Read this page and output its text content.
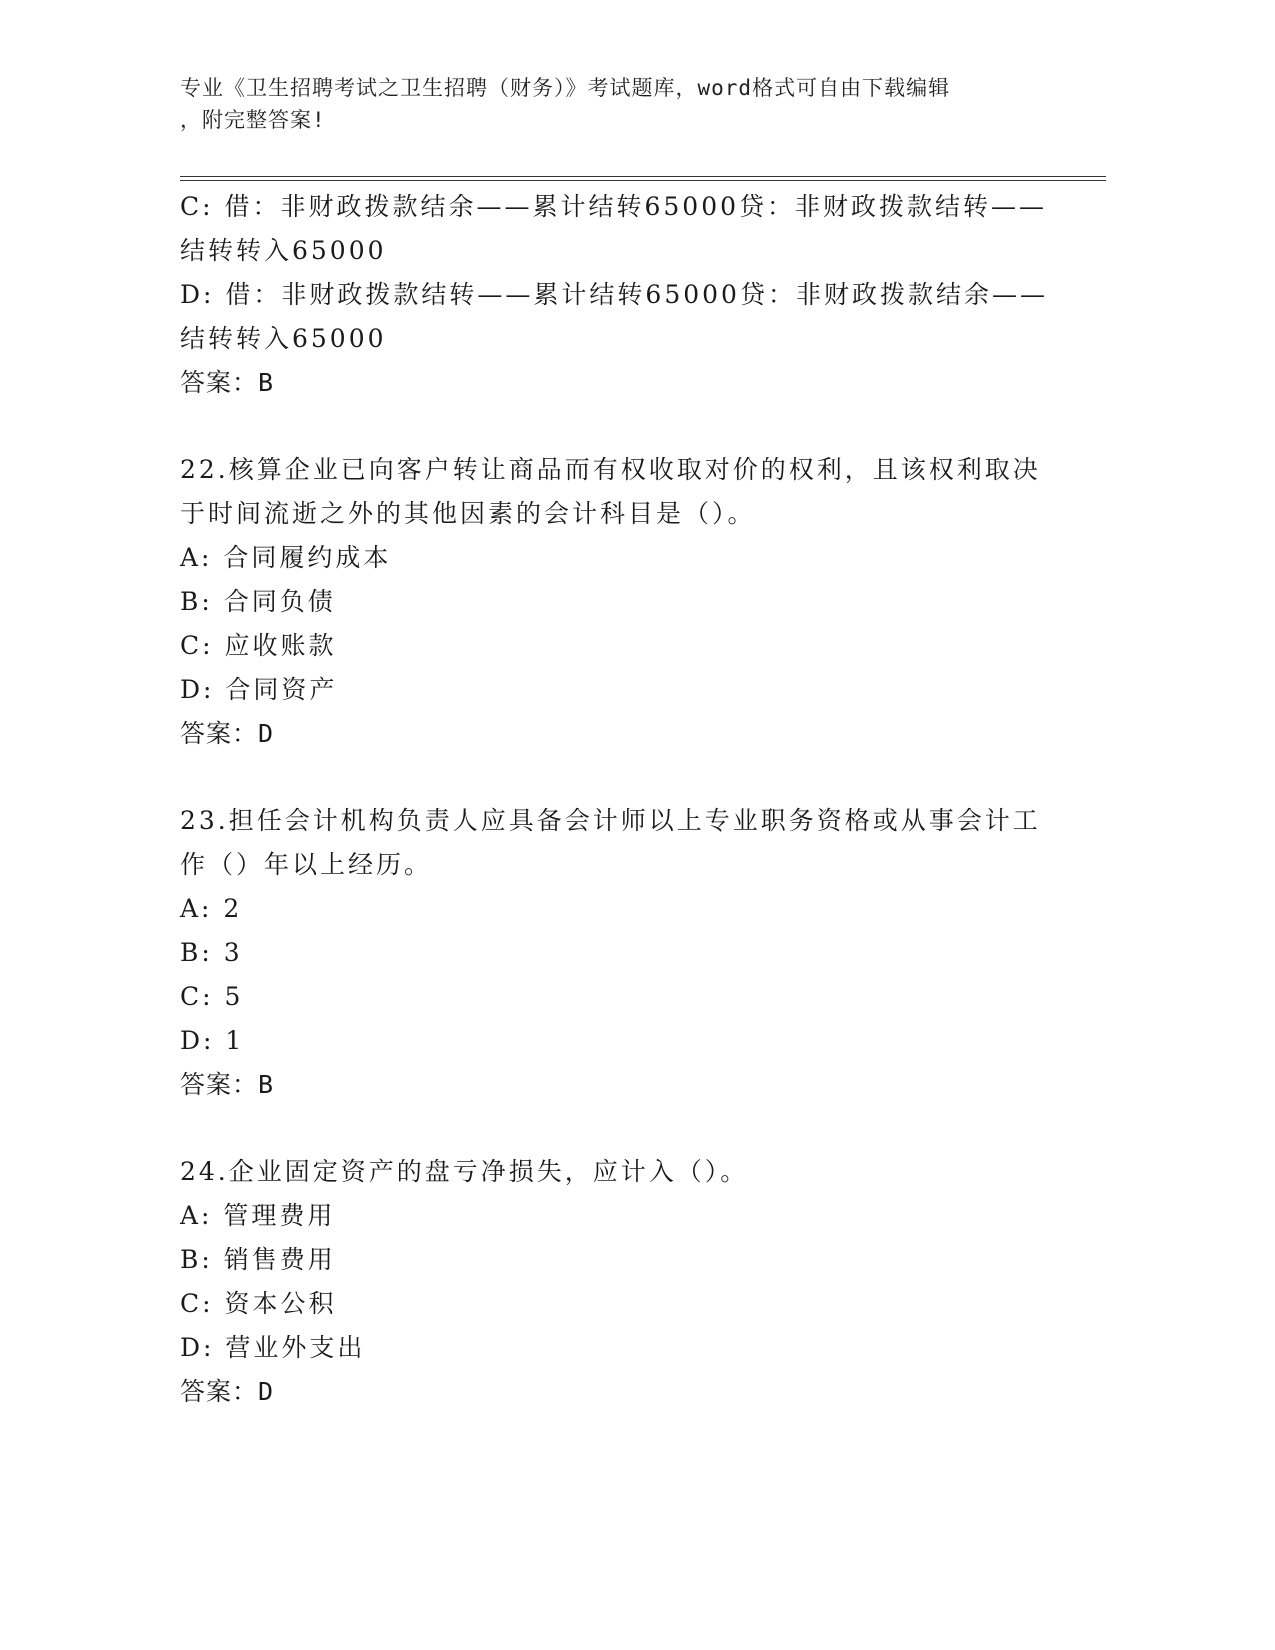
专业《卫生招聘考试之卫生招聘（财务）》考试题库，word格式可自由下载编辑
，附完整答案!
C: 借：非财政拨款结余——累计结转65000贷：非财政拨款结转——
结转转入65000
D: 借：非财政拨款结转——累计结转65000贷：非财政拨款结余——
结转转入65000
答案：B
22.核算企业已向客户转让商品而有权收取对价的权利，且该权利取决
于时间流逝之外的其他因素的会计科目是（）。
A: 合同履约成本
B: 合同负债
C: 应收账款
D: 合同资产
答案：D
23.担任会计机构负责人应具备会计师以上专业职务资格或从事会计工
作（）年以上经历。
A: 2
B: 3
C: 5
D: 1
答案：B
24.企业固定资产的盘亏净损失，应计入（）。
A: 管理费用
B: 销售费用
C: 资本公积
D: 营业外支出
答案：D
